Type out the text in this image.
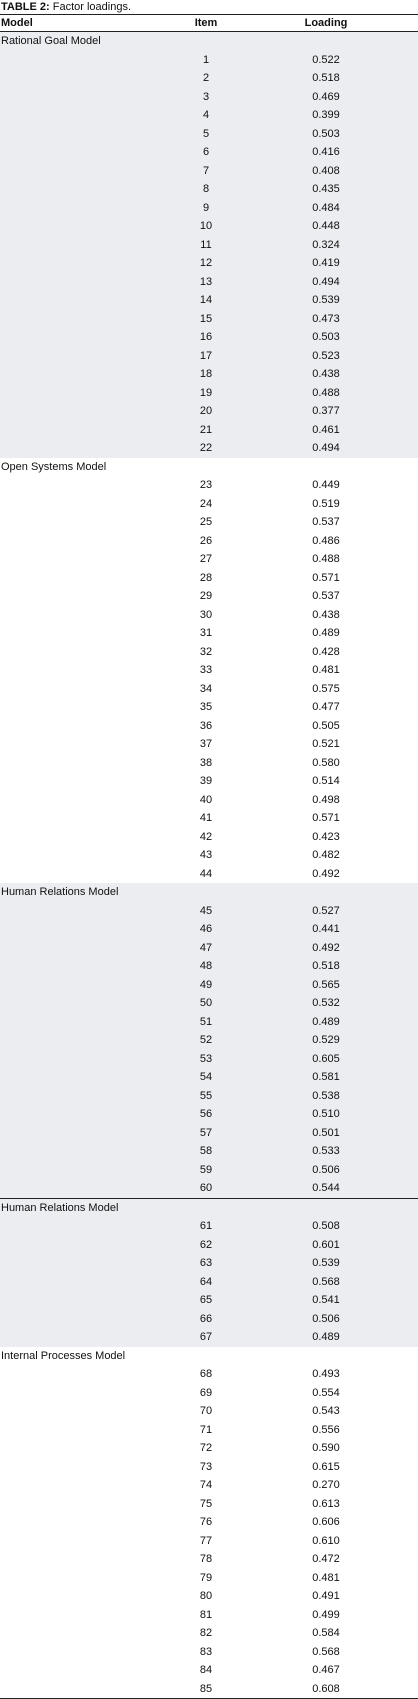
TABLE 2: Factor loadings.
Model	Item	Loading
Rational Goal Model
1	0.522
2	0.518
3	0.469
4	0.399
5	0.503
6	0.416
7	0.408
8	0.435
9	0.484
10	0.448
11	0.324
12	0.419
13	0.494
14	0.539
15	0.473
16	0.503
17	0.523
18	0.438
19	0.488
20	0.377
21	0.461
22	0.494
Open Systems Model
23	0.449
24	0.519
25	0.537
26	0.486
27	0.488
28	0.571
29	0.537
30	0.438
31	0.489
32	0.428
33	0.481
34	0.575
35	0.477
36	0.505
37	0.521
38	0.580
39	0.514
40	0.498
41	0.571
42	0.423
43	0.482
44	0.492
Human Relations Model
45	0.527
46	0.441
47	0.492
48	0.518
49	0.565
50	0.532
51	0.489
52	0.529
53	0.605
54	0.581
55	0.538
56	0.510
57	0.501
58	0.533
59	0.506
60	0.544
Human Relations Model
61	0.508
62	0.601
63	0.539
64	0.568
65	0.541
66	0.506
67	0.489
Internal Processes Model
68	0.493
69	0.554
70	0.543
71	0.556
72	0.590
73	0.615
74	0.270
75	0.613
76	0.606
77	0.610
78	0.472
79	0.481
80	0.491
81	0.499
82	0.584
83	0.568
84	0.467
85	0.608
